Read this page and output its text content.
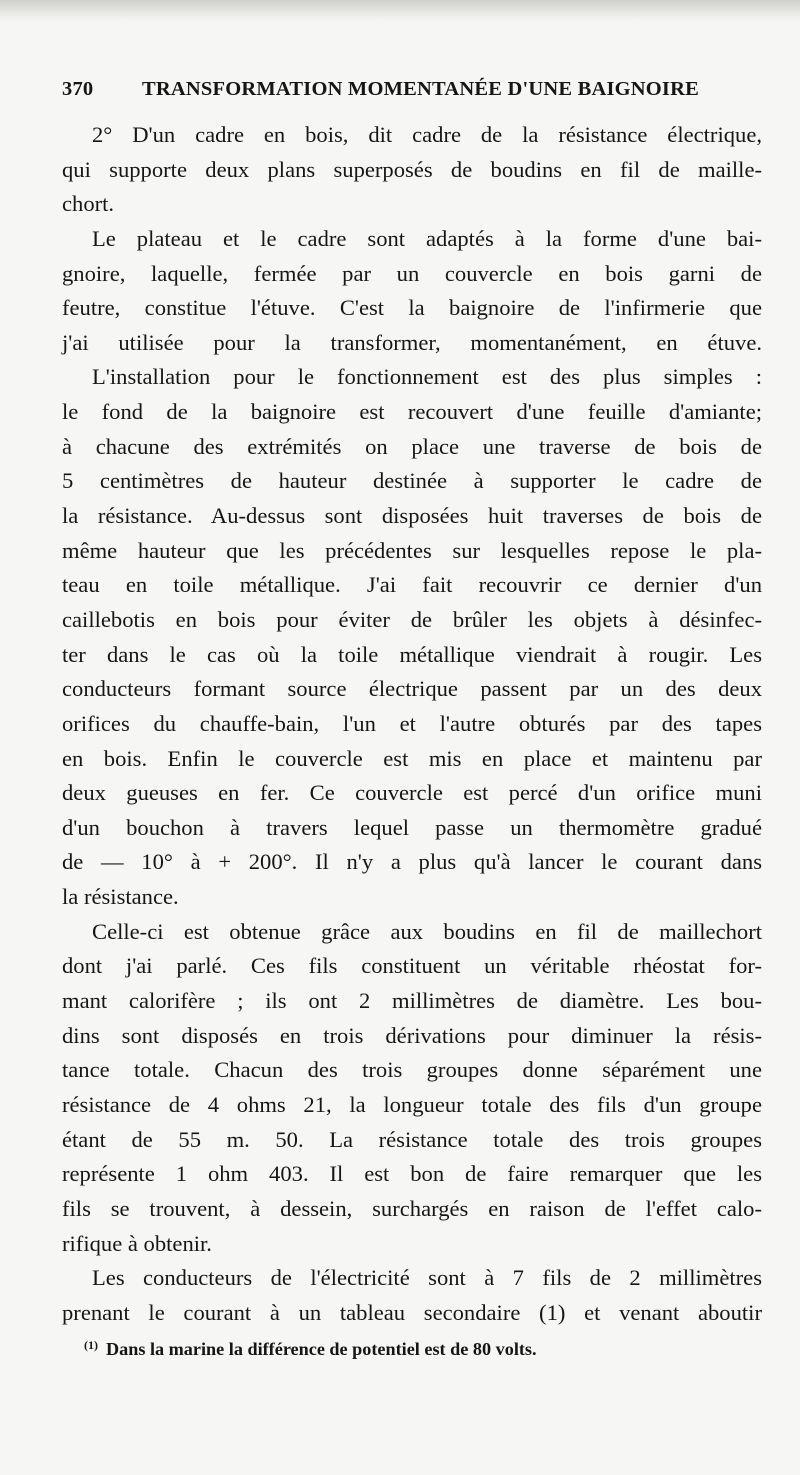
370 TRANSFORMATION MOMENTANÉE D'UNE BAIGNOIRE
2° D'un cadre en bois, dit cadre de la résistance électrique,
qui supporte deux plans superposés de boudins en fil de maille-
chort.
Le plateau et le cadre sont adaptés à la forme d'une bai-
gnoire, laquelle, fermée par un couvercle en bois garni de
feutre, constitue l'étuve. C'est la baignoire de l'infirmerie que
j'ai utilisée pour la transformer, momentanément, en étuve.
L'installation pour le fonctionnement est des plus simples :
le fond de la baignoire est recouvert d'une feuille d'amiante;
à chacune des extrémités on place une traverse de bois de
5 centimètres de hauteur destinée à supporter le cadre de
la résistance. Au-dessus sont disposées huit traverses de bois de
même hauteur que les précédentes sur lesquelles repose le pla-
teau en toile métallique. J'ai fait recouvrir ce dernier d'un
caillebotis en bois pour éviter de brûler les objets à désinfec-
ter dans le cas où la toile métallique viendrait à rougir. Les
conducteurs formant source électrique passent par un des deux
orifices du chauffe-bain, l'un et l'autre obturés par des tapes
en bois. Enfin le couvercle est mis en place et maintenu par
deux gueuses en fer. Ce couvercle est percé d'un orifice muni
d'un bouchon à travers lequel passe un thermomètre gradué
de — 10° à + 200°. Il n'y a plus qu'à lancer le courant dans
la résistance.
Celle-ci est obtenue grâce aux boudins en fil de maillechort
dont j'ai parlé. Ces fils constituent un véritable rhéostat for-
mant calorifère ; ils ont 2 millimètres de diamètre. Les bou-
dins sont disposés en trois dérivations pour diminuer la résis-
tance totale. Chacun des trois groupes donne séparément une
résistance de 4 ohms 21, la longueur totale des fils d'un groupe
étant de 55 m. 50. La résistance totale des trois groupes
représente 1 ohm 403. Il est bon de faire remarquer que les
fils se trouvent, à dessein, surchargés en raison de l'effet calo-
rifique à obtenir.
Les conducteurs de l'électricité sont à 7 fils de 2 millimètres
prenant le courant à un tableau secondaire (1) et venant aboutir
$^{(1)}$ Dans la marine la différence de potentiel est de 80 volts.
